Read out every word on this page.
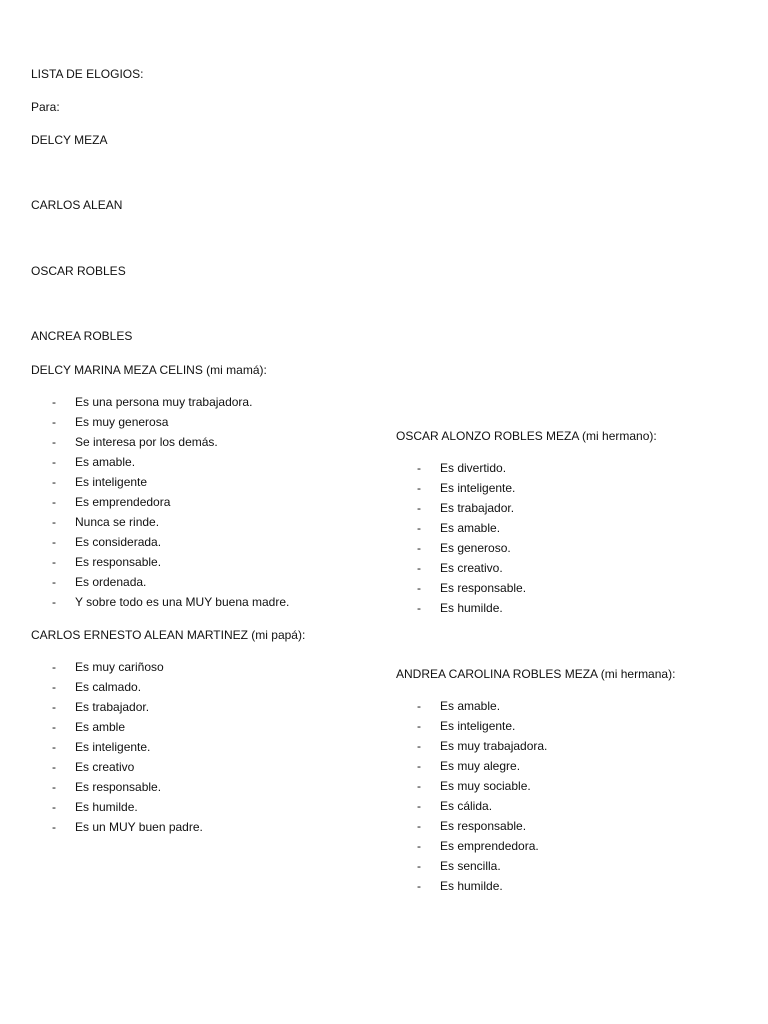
LISTA DE ELOGIOS:
Para:
DELCY MEZA
CARLOS ALEAN
OSCAR ROBLES
ANCREA ROBLES
DELCY MARINA MEZA CELINS (mi mamá):
-	Es una persona muy trabajadora.
-	Es muy generosa
-	Se interesa por los demás.
-	Es amable.
-	Es inteligente
-	Es emprendedora
-	Nunca se rinde.
-	Es considerada.
-	Es responsable.
-	Es ordenada.
-	Y sobre todo es una MUY buena madre.
CARLOS ERNESTO ALEAN MARTINEZ (mi papá):
-	Es muy cariñoso
-	Es calmado.
-	Es trabajador.
-	Es amble
-	Es inteligente.
-	Es creativo
-	Es responsable.
-	Es humilde.
-	Es un MUY buen padre.
OSCAR ALONZO ROBLES MEZA (mi hermano):
-	Es divertido.
-	Es inteligente.
-	Es trabajador.
-	Es amable.
-	Es generoso.
-	Es creativo.
-	Es responsable.
-	Es humilde.
ANDREA CAROLINA ROBLES MEZA (mi hermana):
-	Es amable.
-	Es inteligente.
-	Es muy trabajadora.
-	Es muy alegre.
-	Es muy sociable.
-	Es cálida.
-	Es responsable.
-	Es emprendedora.
-	Es sencilla.
-	Es humilde.
